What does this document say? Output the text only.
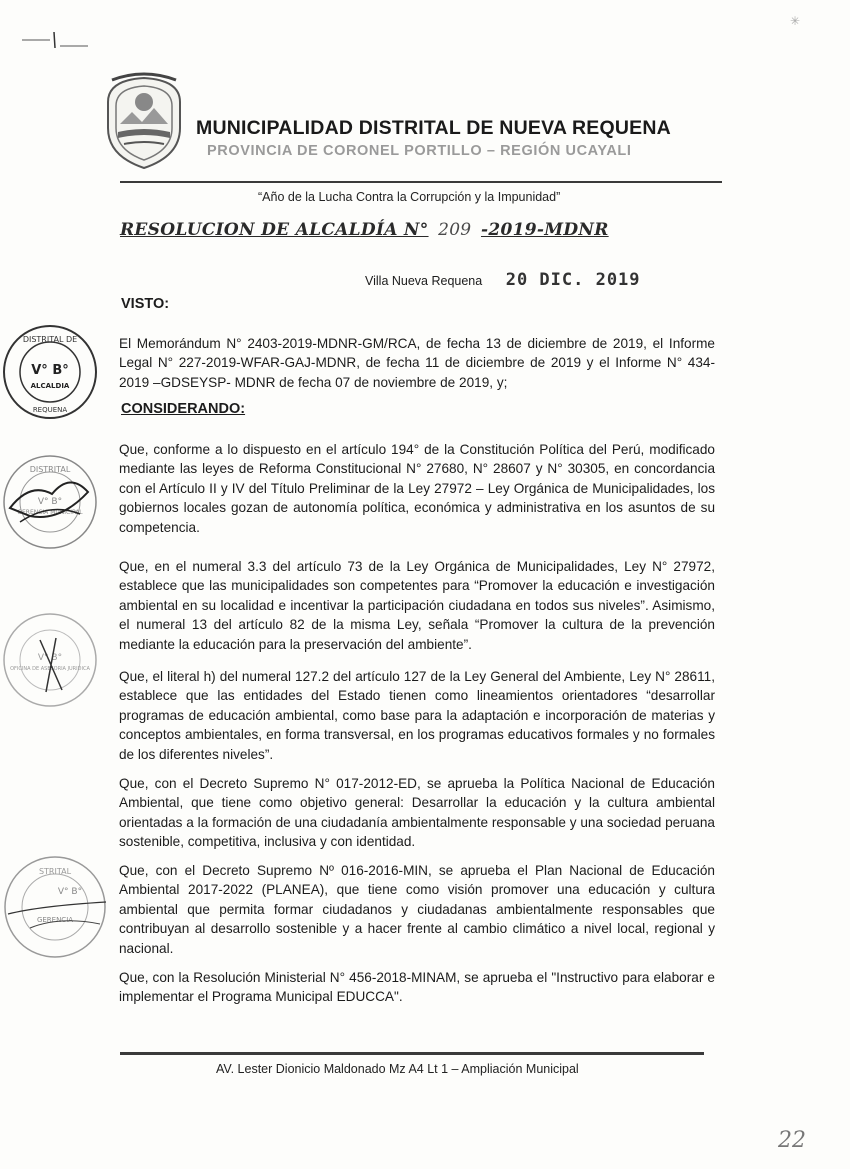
✳
MUNICIPALIDAD DISTRITAL DE NUEVA REQUENA
PROVINCIA DE CORONEL PORTILLO – REGIÓN UCAYALI
“Año de la Lucha Contra la Corrupción y la Impunidad”
RESOLUCION DE ALCALDÍA N° 209 -2019-MDNR
Villa Nueva Requena 20 DIC. 2019
VISTO:
El Memorándum N° 2403-2019-MDNR-GM/RCA, de fecha 13 de diciembre de 2019, el Informe Legal N° 227-2019-WFAR-GAJ-MDNR, de fecha 11 de diciembre de 2019 y el Informe N° 434-2019 –GDSEYSP- MDNR de fecha 07 de noviembre de 2019, y;
CONSIDERANDO:
Que, conforme a lo dispuesto en el artículo 194° de la Constitución Política del Perú, modificado mediante las leyes de Reforma Constitucional N° 27680, N° 28607 y N° 30305, en concordancia con el Artículo II y IV del Título Preliminar de la Ley 27972 – Ley Orgánica de Municipalidades, los gobiernos locales gozan de autonomía política, económica y administrativa en los asuntos de su competencia.
Que, en el numeral 3.3 del artículo 73 de la Ley Orgánica de Municipalidades, Ley N° 27972, establece que las municipalidades son competentes para “Promover la educación e investigación ambiental en su localidad e incentivar la participación ciudadana en todos sus niveles”. Asimismo, el numeral 13 del artículo 82 de la misma Ley, señala “Promover la cultura de la prevención mediante la educación para la preservación del ambiente”.
Que, el literal h) del numeral 127.2 del artículo 127 de la Ley General del Ambiente, Ley N° 28611, establece que las entidades del Estado tienen como lineamientos orientadores “desarrollar programas de educación ambiental, como base para la adaptación e incorporación de materias y conceptos ambientales, en forma transversal, en los programas educativos formales y no formales de los diferentes niveles”.
Que, con el Decreto Supremo N° 017-2012-ED, se aprueba la Política Nacional de Educación Ambiental, que tiene como objetivo general: Desarrollar la educación y la cultura ambiental orientadas a la formación de una ciudadanía ambientalmente responsable y una sociedad peruana sostenible, competitiva, inclusiva y con identidad.
Que, con el Decreto Supremo Nº 016-2016-MIN, se aprueba el Plan Nacional de Educación Ambiental 2017-2022 (PLANEA), que tiene como visión promover una educación y cultura ambiental que permita formar ciudadanos y ciudadanas ambientalmente responsables que contribuyan al desarrollo sostenible y a hacer frente al cambio climático a nivel local, regional y nacional.
Que, con la Resolución Ministerial N° 456-2018-MINAM, se aprueba el "Instructivo para elaborar e implementar el Programa Municipal EDUCCA".
AV. Lester Dionicio Maldonado Mz A4 Lt 1 – Ampliación Municipal
22
DISTRITAL DE
V° B°
ALCALDIA
REQUENA
DISTRITAL
V° B°
GERENCIA MUNICIPAL
V° B°
OFICINA DE ASESORIA JURIDICA
STRITAL
V° B°
GERENCIA
